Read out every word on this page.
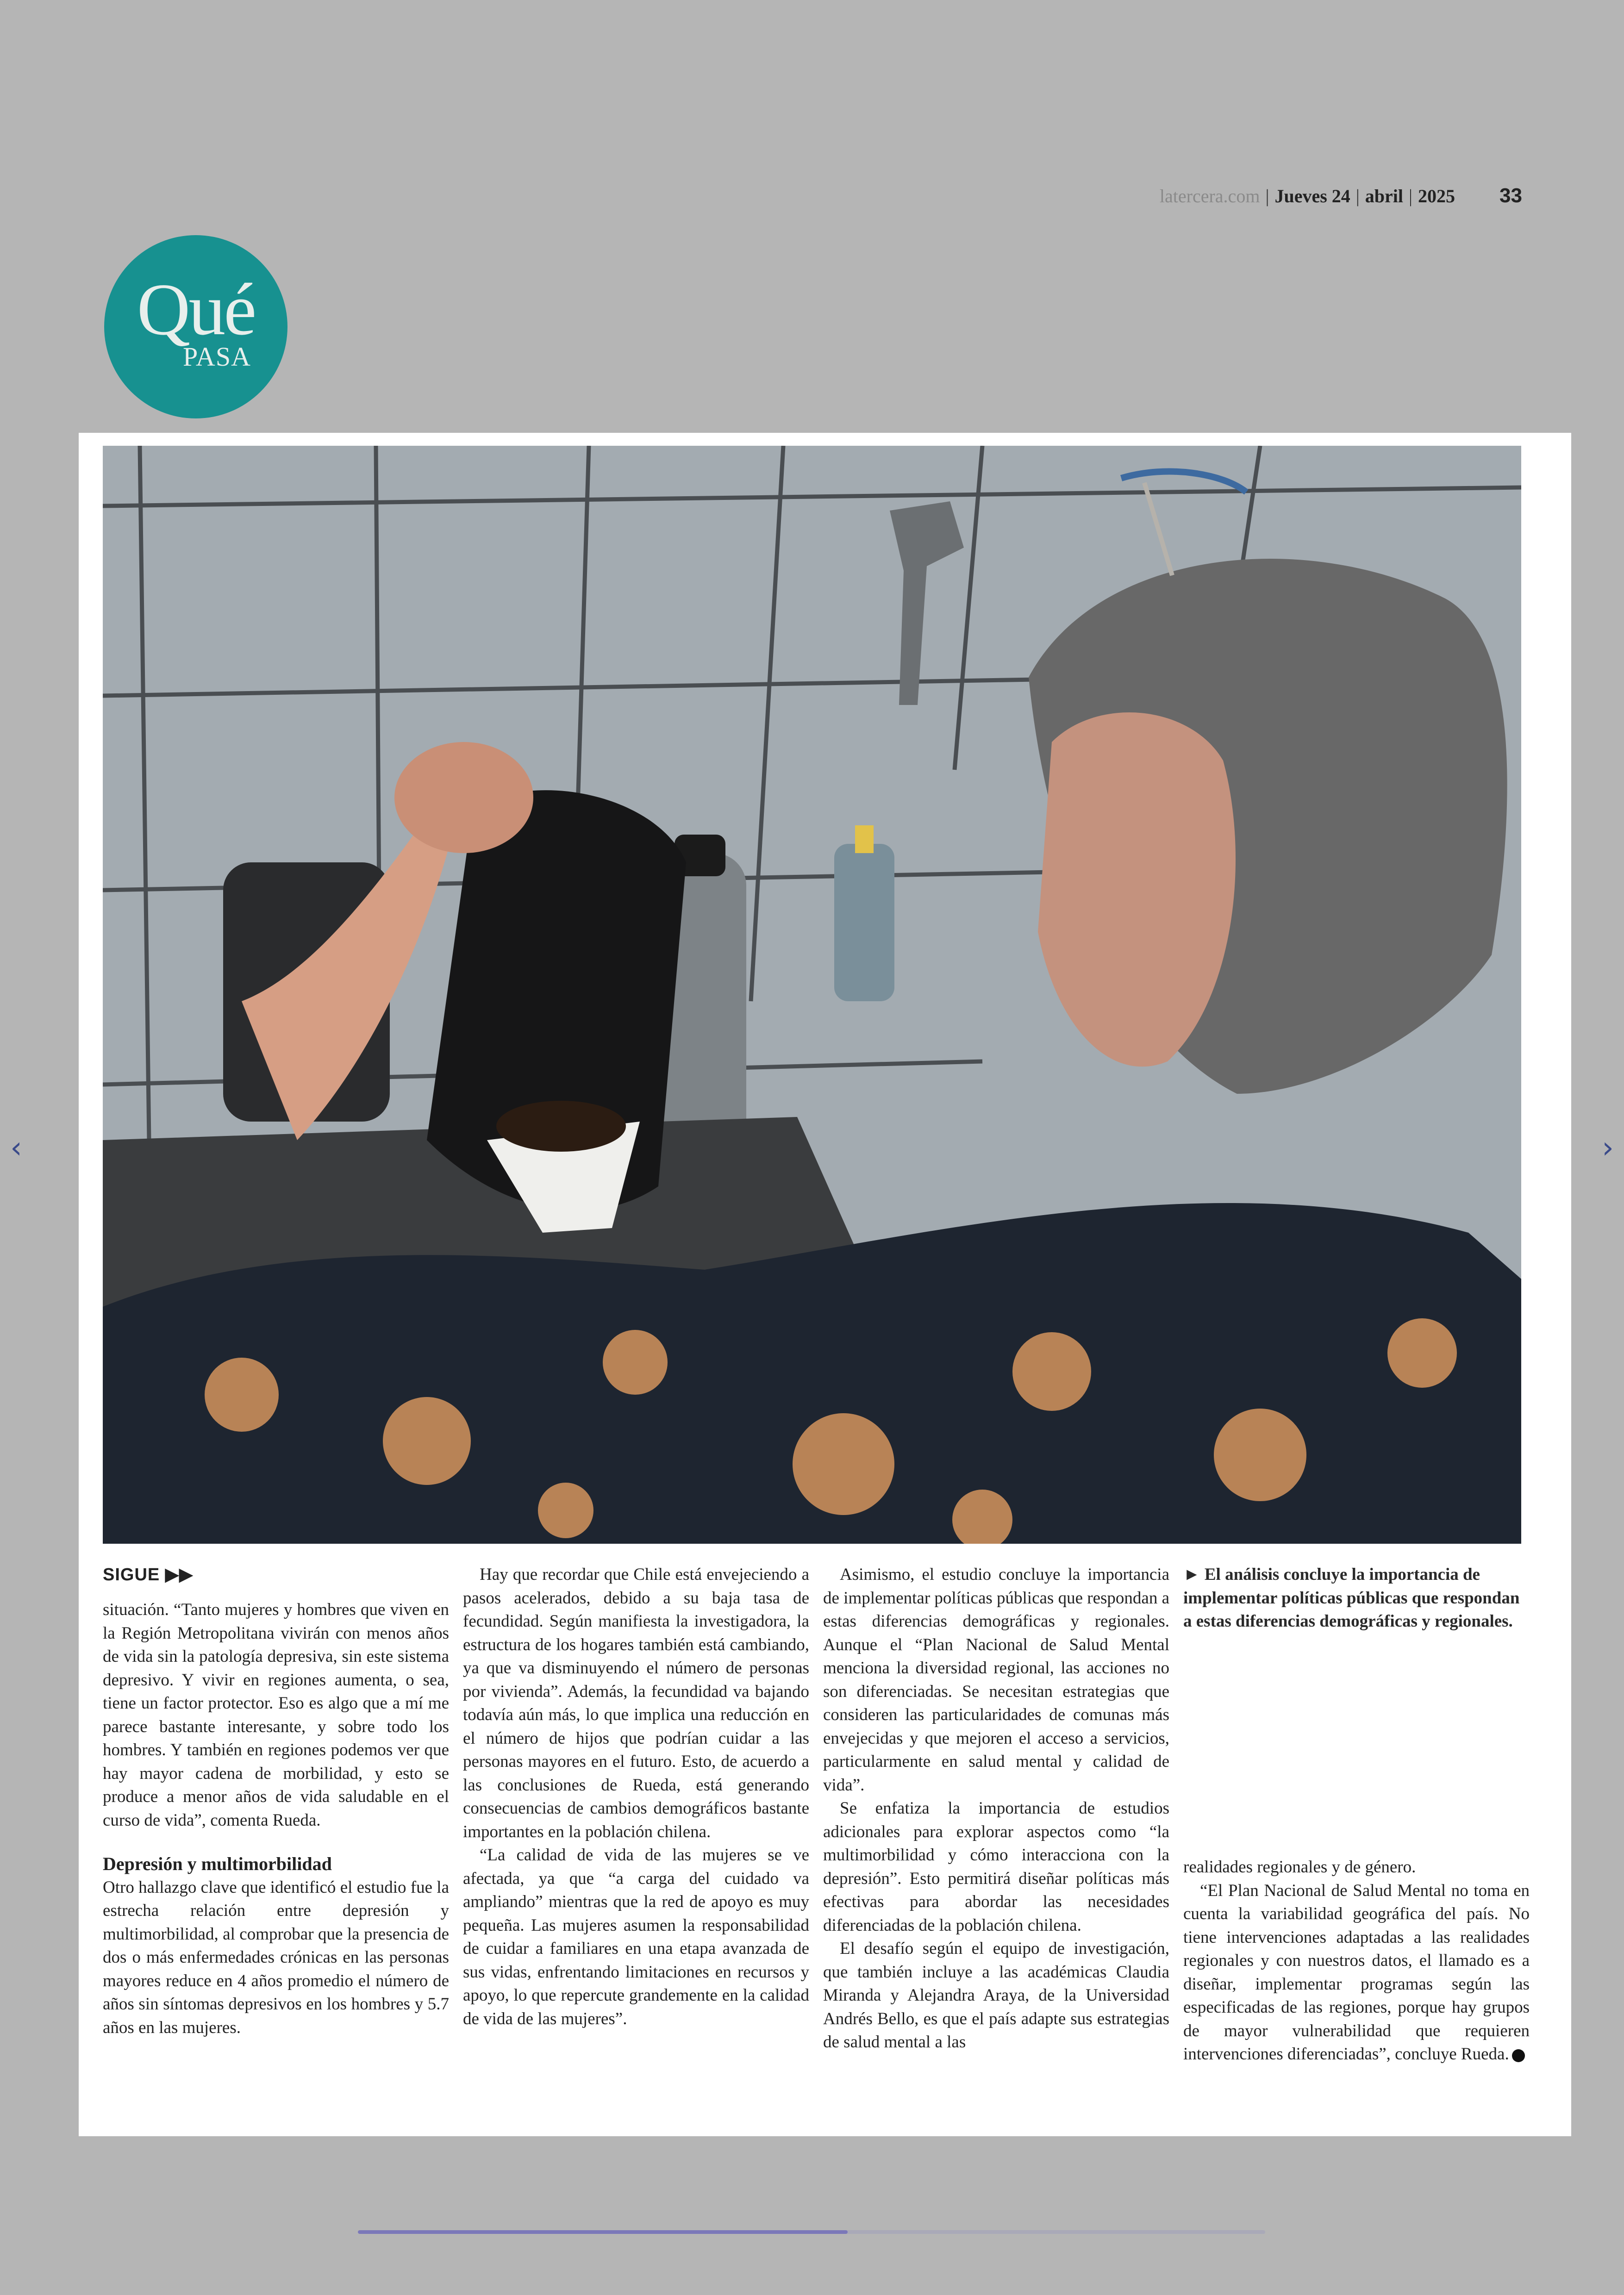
latercera.com | Jueves 24 | abril | 2025 33
Qué
PASA
‹	›

SIGUE ▶▶

situación. “Tanto mujeres y hombres que viven en la Región Metropolitana vivirán con menos años de vida sin la patología depresiva, sin este sistema depresivo. Y vivir en regiones aumenta, o sea, tiene un factor protector. Eso es algo que a mí me parece bastante interesante, y sobre todo los hombres. Y también en regiones podemos ver que hay mayor cadena de morbilidad, y esto se produce a menor años de vida saludable en el curso de vida”, comenta Rueda.

Depresión y multimorbilidad

Otro hallazgo clave que identificó el estudio fue la estrecha relación entre depresión y multimorbilidad, al comprobar que la presencia de dos o más enfermedades crónicas en las personas mayores reduce en 4 años promedio el número de años sin síntomas depresivos en los hombres y 5.7 años en las mujeres.

Hay que recordar que Chile está envejeciendo a pasos acelerados, debido a su baja tasa de fecundidad. Según manifiesta la investigadora, la estructura de los hogares también está cambiando, ya que va disminuyendo el número de personas por vivienda”. Además, la fecundidad va bajando todavía aún más, lo que implica una reducción en el número de hijos que podrían cuidar a las personas mayores en el futuro. Esto, de acuerdo a las conclusiones de Rueda, está generando consecuencias de cambios demográficos bastante importantes en la población chilena.

“La calidad de vida de las mujeres se ve afectada, ya que “a carga del cuidado va ampliando” mientras que la red de apoyo es muy pequeña. Las mujeres asumen la responsabilidad de cuidar a familiares en una etapa avanzada de sus vidas, enfrentando limitaciones en recursos y apoyo, lo que repercute grandemente en la calidad de vida de las mujeres”.

Asimismo, el estudio concluye la importancia de implementar políticas públicas que respondan a estas diferencias demográficas y regionales. Aunque el “Plan Nacional de Salud Mental menciona la diversidad regional, las acciones no son diferenciadas. Se necesitan estrategias que consideren las particularidades de comunas más envejecidas y que mejoren el acceso a servicios, particularmente en salud mental y calidad de vida”.

Se enfatiza la importancia de estudios adicionales para explorar aspectos como “la multimorbilidad y cómo interacciona con la depresión”. Esto permitirá diseñar políticas más efectivas para abordar las necesidades diferenciadas de la población chilena.

El desafío según el equipo de investigación, que también incluye a las académicas Claudia Miranda y Alejandra Araya, de la Universidad Andrés Bello, es que el país adapte sus estrategias de salud mental a las

► El análisis concluye la importancia de implementar políticas públicas que respondan a estas diferencias demográficas y regionales.

realidades regionales y de género.

“El Plan Nacional de Salud Mental no toma en cuenta la variabilidad geográfica del país. No tiene intervenciones adaptadas a las realidades regionales y con nuestros datos, el llamado es a diseñar, implementar programas según las especificadas de las regiones, porque hay grupos de mayor vulnerabilidad que requieren intervenciones diferenciadas”, concluye Rueda.
